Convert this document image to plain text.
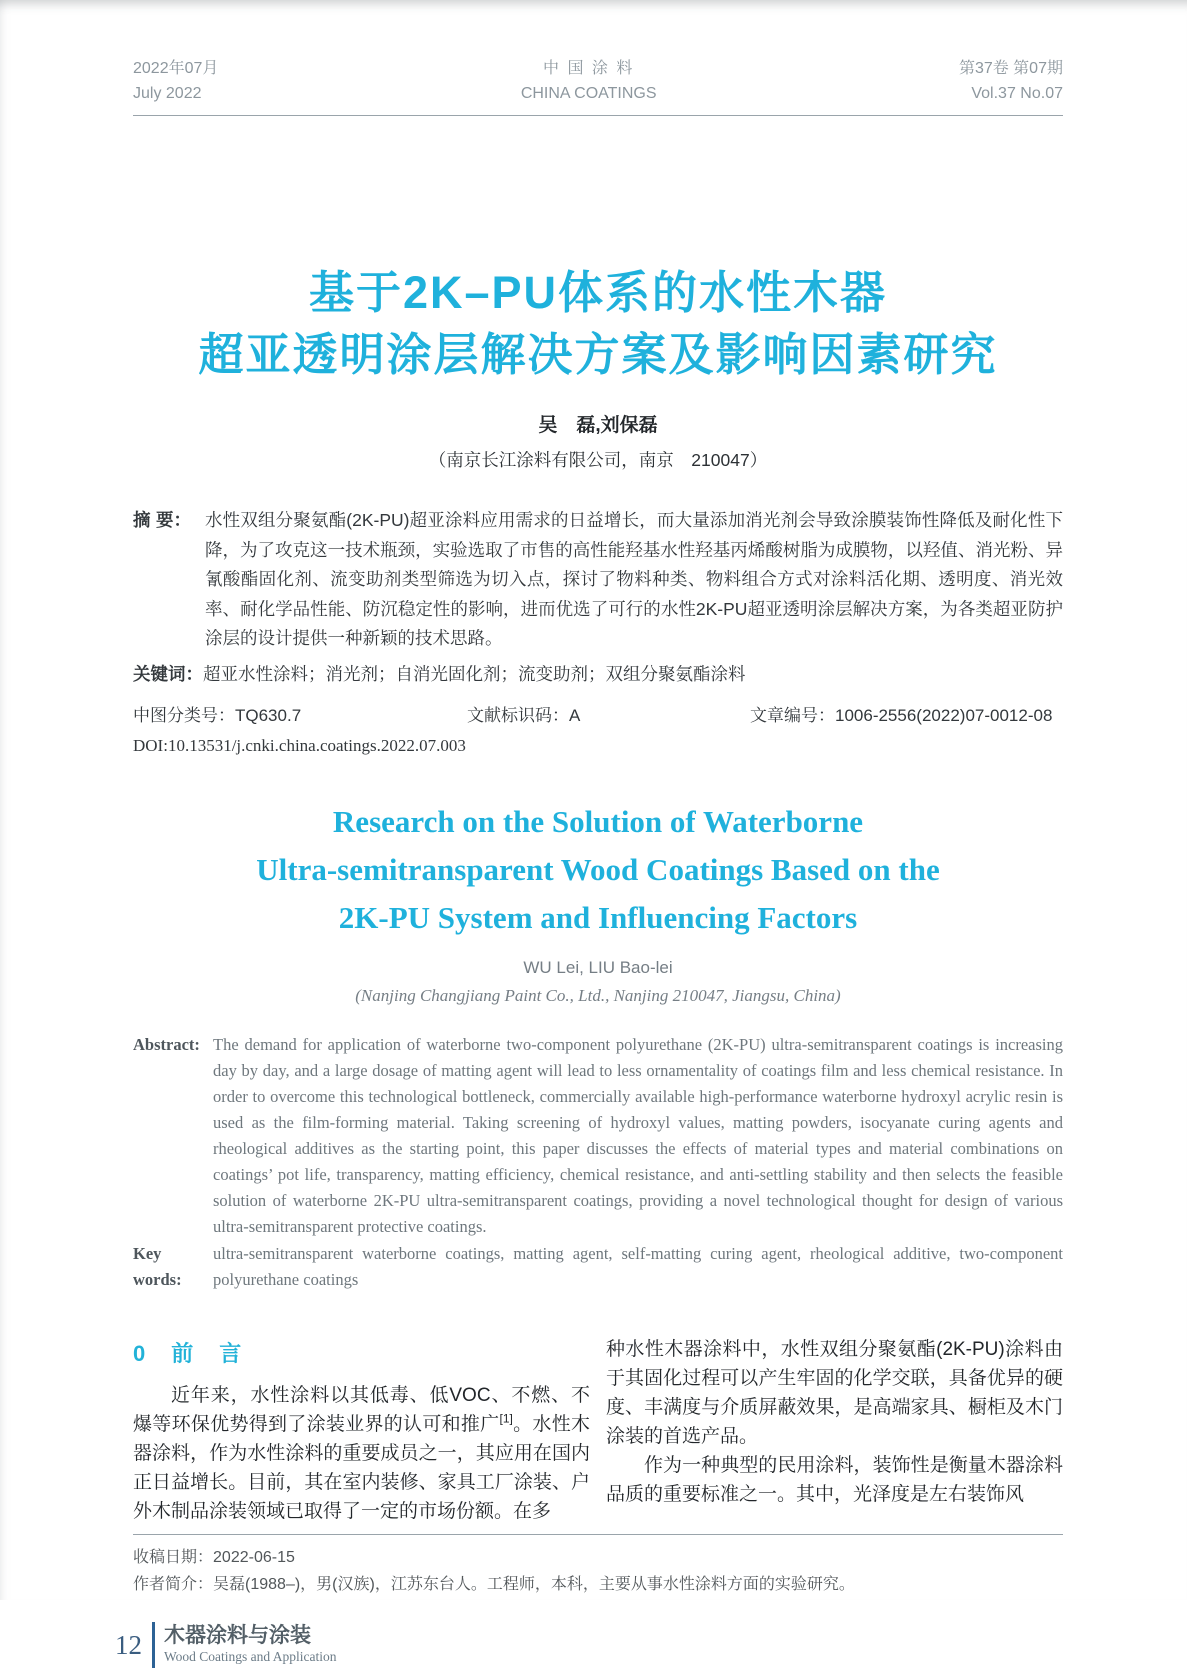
2022年07月
July 2022
中 国 涂 料
CHINA COATINGS
第37卷 第07期
Vol.37 No.07
基于2K–PU体系的水性木器
超亚透明涂层解决方案及影响因素研究
吴　磊,刘保磊
（南京长江涂料有限公司，南京　210047）
摘 要： 水性双组分聚氨酯(2K-PU)超亚涂料应用需求的日益增长，而大量添加消光剂会导致涂膜装饰性降低及耐化性下降，为了攻克这一技术瓶颈，实验选取了市售的高性能羟基水性羟基丙烯酸树脂为成膜物，以羟值、消光粉、异氰酸酯固化剂、流变助剂类型筛选为切入点，探讨了物料种类、物料组合方式对涂料活化期、透明度、消光效率、耐化学品性能、防沉稳定性的影响，进而优选了可行的水性2K-PU超亚透明涂层解决方案，为各类超亚防护涂层的设计提供一种新颖的技术思路。
关键词：超亚水性涂料；消光剂；自消光固化剂；流变助剂；双组分聚氨酯涂料
中图分类号：TQ630.7	文献标识码：A	文章编号：1006-2556(2022)07-0012-08
DOI:10.13531/j.cnki.china.coatings.2022.07.003
Research on the Solution of Waterborne
Ultra-semitransparent Wood Coatings Based on the
2K-PU System and Influencing Factors
WU Lei, LIU Bao-lei
(Nanjing Changjiang Paint Co., Ltd., Nanjing 210047, Jiangsu, China)
Abstract: The demand for application of waterborne two-component polyurethane (2K-PU) ultra-semitransparent coatings is increasing day by day, and a large dosage of matting agent will lead to less ornamentality of coatings film and less chemical resistance. In order to overcome this technological bottleneck, commercially available high-performance waterborne hydroxyl acrylic resin is used as the film-forming material. Taking screening of hydroxyl values, matting powders, isocyanate curing agents and rheological additives as the starting point, this paper discusses the effects of material types and material combinations on coatings’ pot life, transparency, matting efficiency, chemical resistance, and anti-settling stability and then selects the feasible solution of waterborne 2K-PU ultra-semitransparent coatings, providing a novel technological thought for design of various ultra-semitransparent protective coatings.
Key words:
ultra-semitransparent waterborne coatings, matting agent, self-matting curing agent, rheological additive, two-component polyurethane coatings
0 前言

近年来，水性涂料以其低毒、低VOC、不燃、不爆等环保优势得到了涂装业界的认可和推广[1]。水性木器涂料，作为水性涂料的重要成员之一，其应用在国内正日益增长。目前，其在室内装修、家具工厂涂装、户外木制品涂装领域已取得了一定的市场份额。在多

种水性木器涂料中，水性双组分聚氨酯(2K-PU)涂料由于其固化过程可以产生牢固的化学交联，具备优异的硬度、丰满度与介质屏蔽效果，是高端家具、橱柜及木门涂装的首选产品。

作为一种典型的民用涂料，装饰性是衡量木器涂料品质的重要标准之一。其中，光泽度是左右装饰风

收稿日期：2022-06-15
作者简介：吴磊(1988–)，男(汉族)，江苏东台人。工程师，本科，主要从事水性涂料方面的实验研究。
12 木器涂料与涂装
Wood Coatings and Application
